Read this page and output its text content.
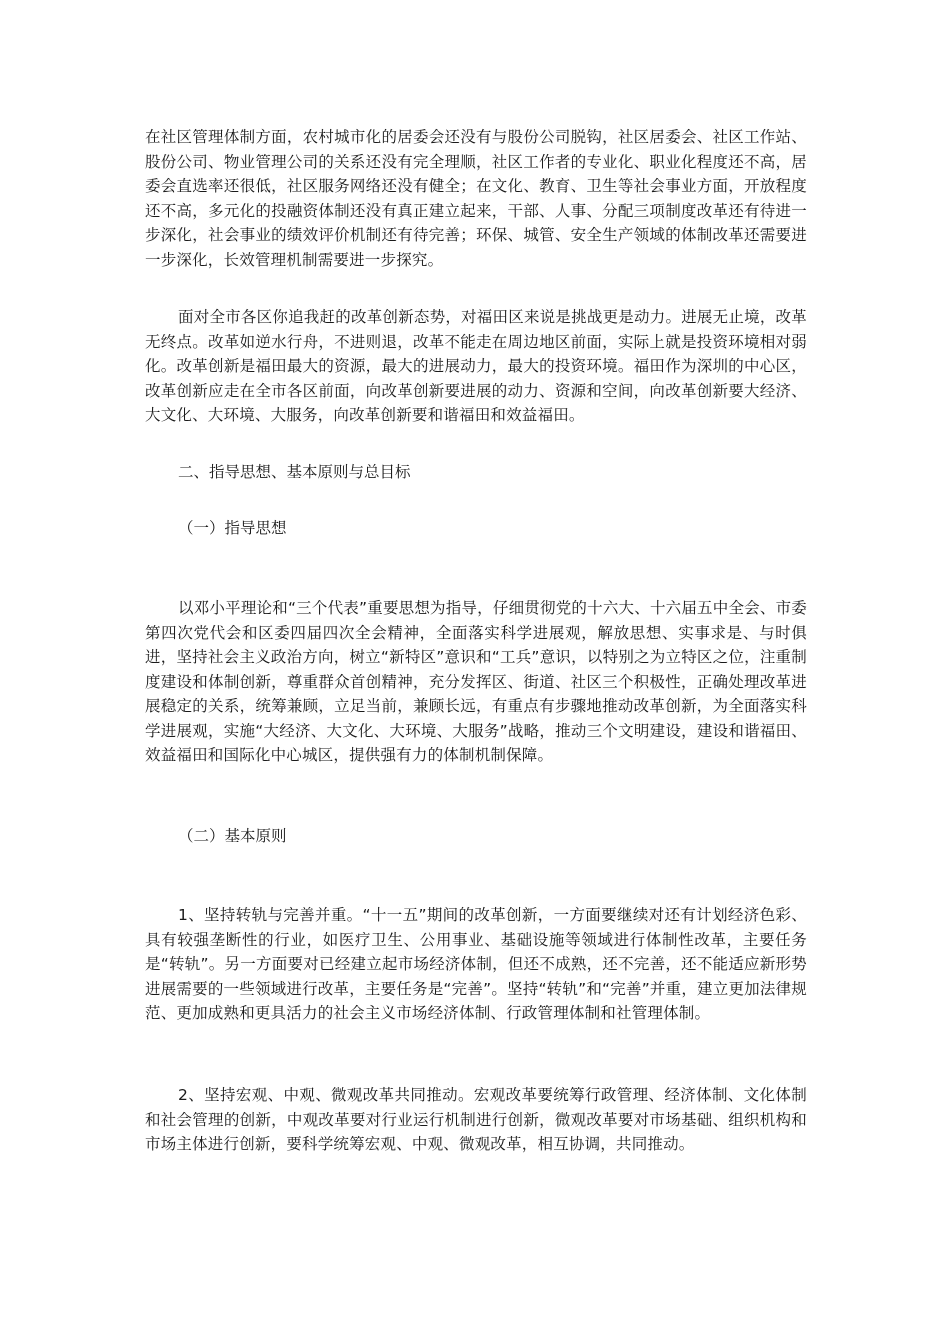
在社区管理体制方面，农村城市化的居委会还没有与股份公司脱钩，社区居委会、社区工作站、股份公司、物业管理公司的关系还没有完全理顺，社区工作者的专业化、职业化程度还不高，居委会直选率还很低，社区服务网络还没有健全；在文化、教育、卫生等社会事业方面，开放程度还不高，多元化的投融资体制还没有真正建立起来，干部、人事、分配三项制度改革还有待进一步深化，社会事业的绩效评价机制还有待完善；环保、城管、安全生产领域的体制改革还需要进一步深化，长效管理机制需要进一步探究。

面对全市各区你追我赶的改革创新态势，对福田区来说是挑战更是动力。进展无止境，改革无终点。改革如逆水行舟，不进则退，改革不能走在周边地区前面，实际上就是投资环境相对弱化。改革创新是福田最大的资源，最大的进展动力，最大的投资环境。福田作为深圳的中心区，改革创新应走在全市各区前面，向改革创新要进展的动力、资源和空间，向改革创新要大经济、大文化、大环境、大服务，向改革创新要和谐福田和效益福田。

二、指导思想、基本原则与总目标

（一）指导思想

以邓小平理论和“三个代表”重要思想为指导，仔细贯彻党的十六大、十六届五中全会、市委第四次党代会和区委四届四次全会精神，全面落实科学进展观，解放思想、实事求是、与时俱进，坚持社会主义政治方向，树立“新特区”意识和“工兵”意识，以特别之为立特区之位，注重制度建设和体制创新，尊重群众首创精神，充分发挥区、街道、社区三个积极性，正确处理改革进展稳定的关系，统筹兼顾，立足当前，兼顾长远，有重点有步骤地推动改革创新，为全面落实科学进展观，实施“大经济、大文化、大环境、大服务”战略，推动三个文明建设，建设和谐福田、效益福田和国际化中心城区，提供强有力的体制机制保障。

（二）基本原则

1、坚持转轨与完善并重。“十一五”期间的改革创新，一方面要继续对还有计划经济色彩、具有较强垄断性的行业，如医疗卫生、公用事业、基础设施等领域进行体制性改革，主要任务是“转轨”。另一方面要对已经建立起市场经济体制，但还不成熟，还不完善，还不能适应新形势进展需要的一些领域进行改革，主要任务是“完善”。坚持“转轨”和“完善”并重，建立更加法律规范、更加成熟和更具活力的社会主义市场经济体制、行政管理体制和社管理体制。

2、坚持宏观、中观、微观改革共同推动。宏观改革要统筹行政管理、经济体制、文化体制和社会管理的创新，中观改革要对行业运行机制进行创新，微观改革要对市场基础、组织机构和市场主体进行创新，要科学统筹宏观、中观、微观改革，相互协调，共同推动。
